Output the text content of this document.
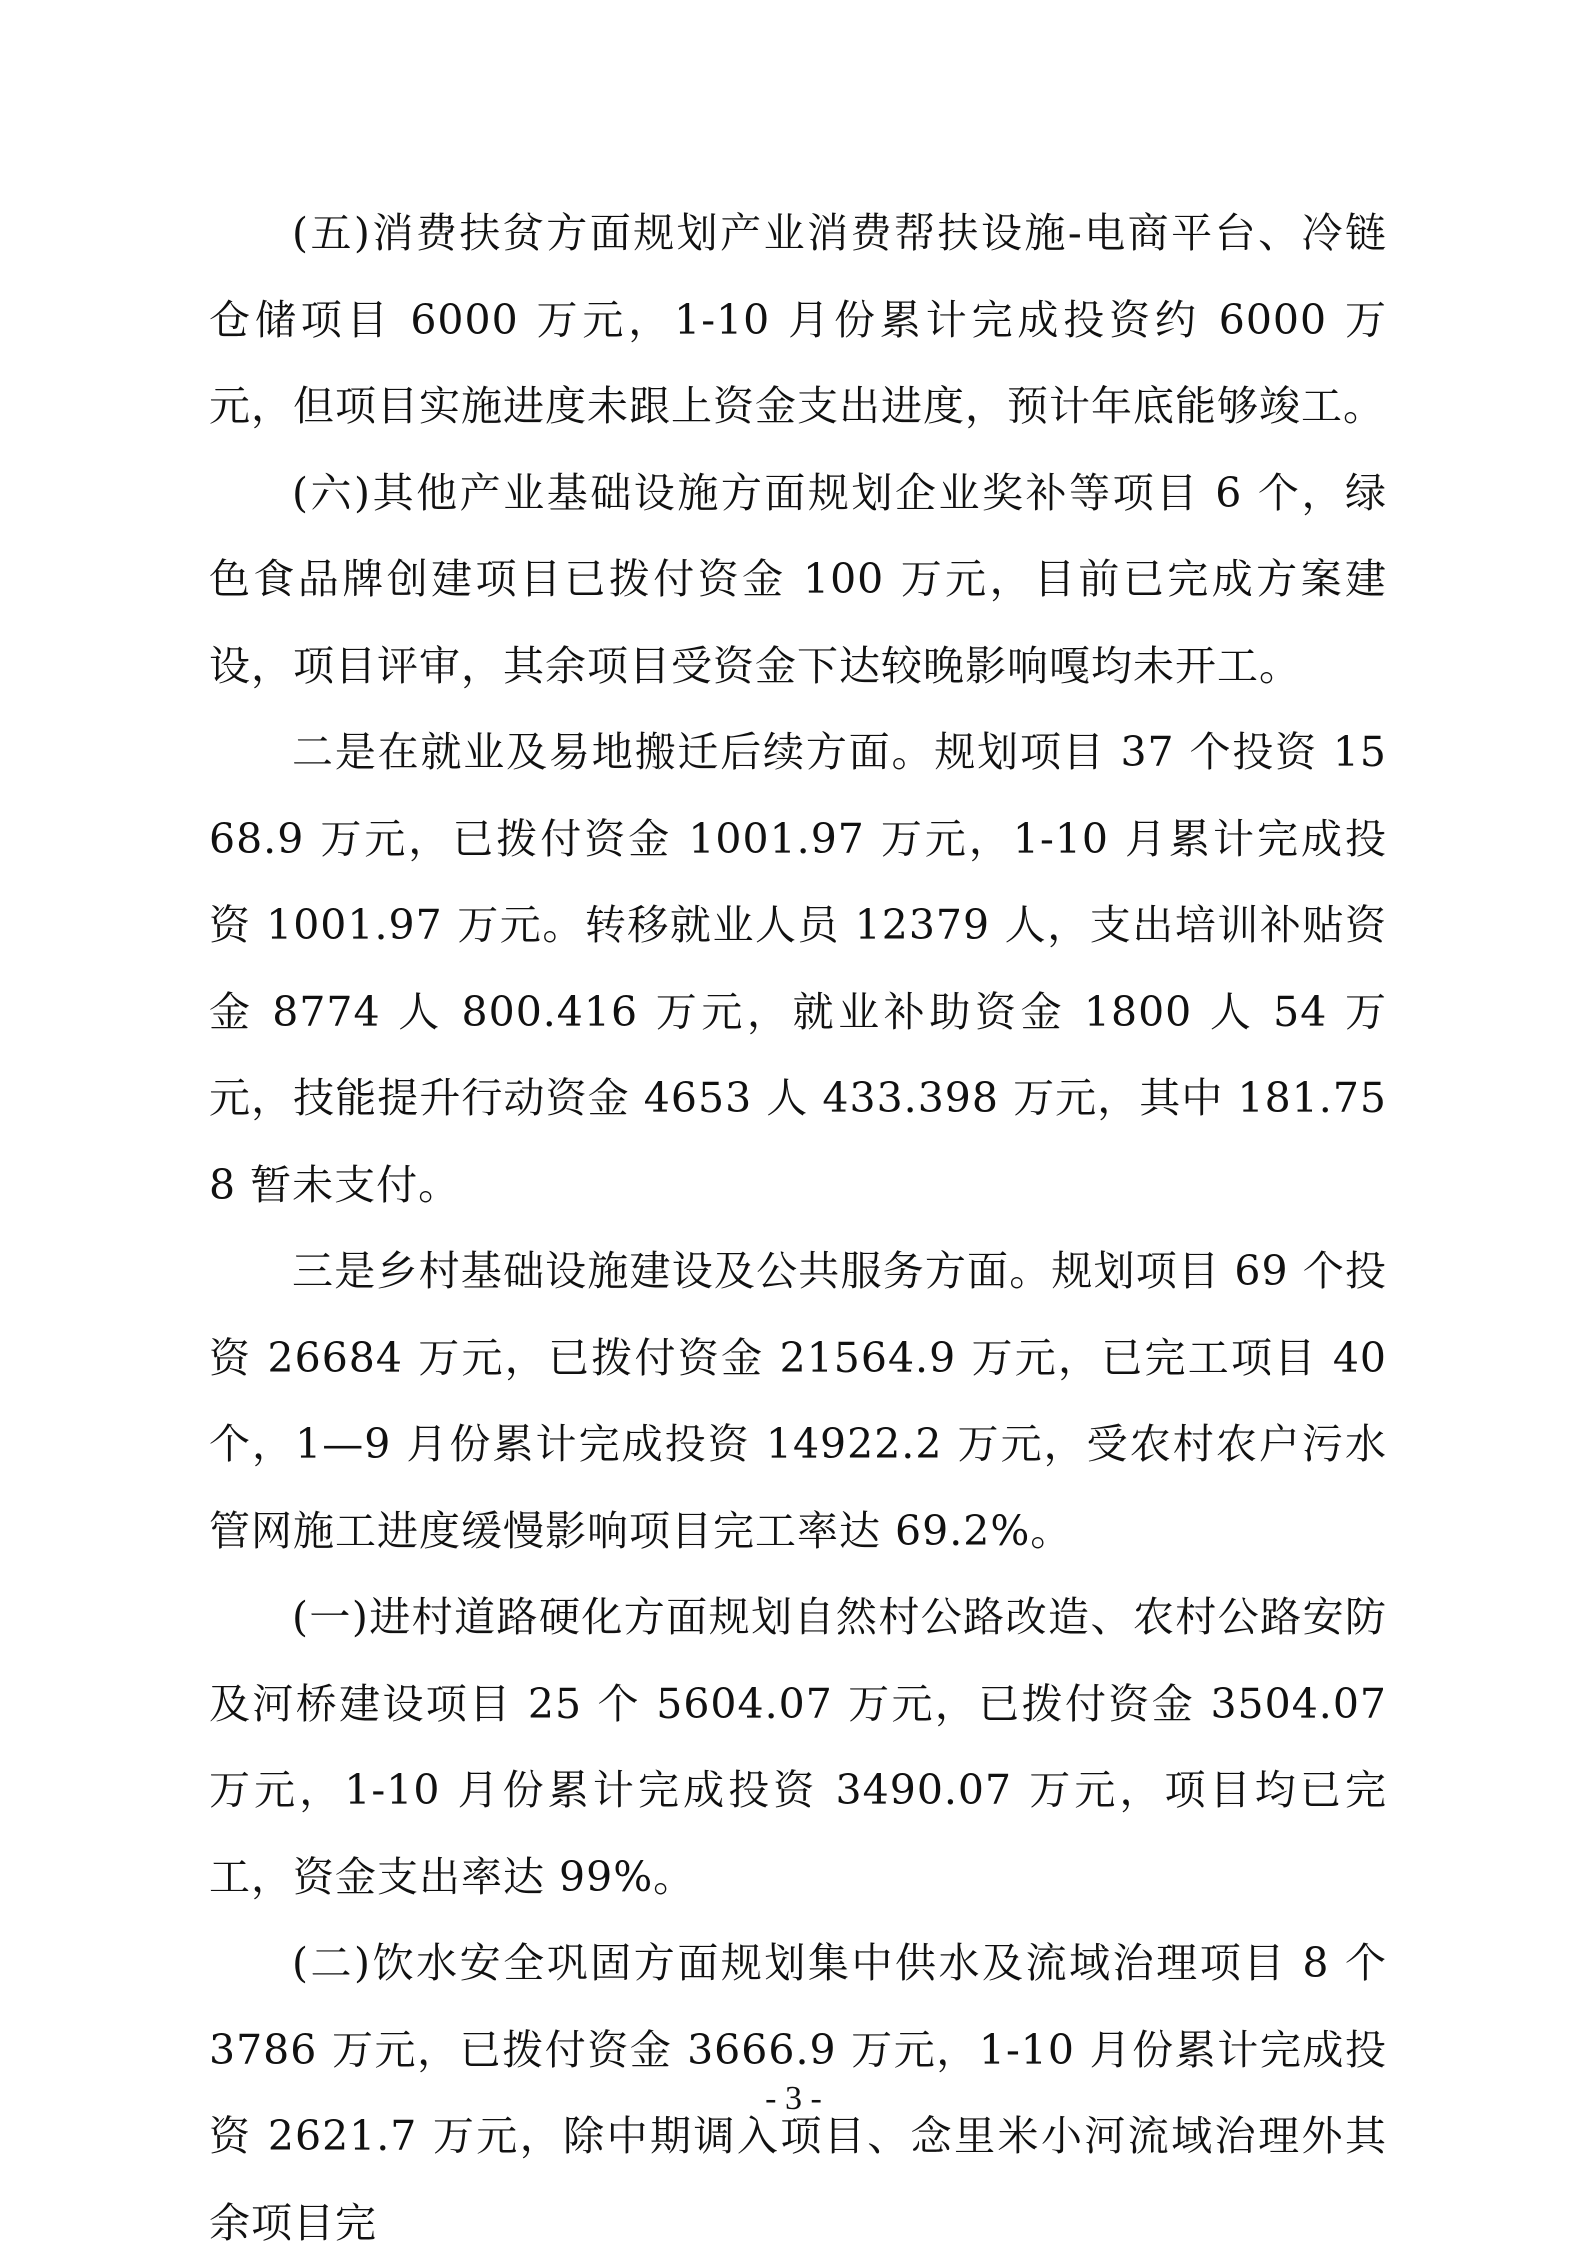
(五)消费扶贫方面规划产业消费帮扶设施-电商平台、冷链仓储项目 6000 万元，1-10 月份累计完成投资约 6000 万元，但项目实施进度未跟上资金支出进度，预计年底能够竣工。

(六)其他产业基础设施方面规划企业奖补等项目 6 个，绿色食品牌创建项目已拨付资金 100 万元，目前已完成方案建设，项目评审，其余项目受资金下达较晚影响嘎均未开工。

二是在就业及易地搬迁后续方面。规划项目 37 个投资 1568.9 万元，已拨付资金 1001.97 万元，1-10 月累计完成投资 1001.97 万元。转移就业人员 12379 人，支出培训补贴资金 8774 人 800.416 万元，就业补助资金 1800 人 54 万元，技能提升行动资金 4653 人 433.398 万元，其中 181.758 暂未支付。

三是乡村基础设施建设及公共服务方面。规划项目 69 个投资 26684 万元，已拨付资金 21564.9 万元，已完工项目 40 个，1—9 月份累计完成投资 14922.2 万元，受农村农户污水管网施工进度缓慢影响项目完工率达 69.2%。

(一)进村道路硬化方面规划自然村公路改造、农村公路安防及河桥建设项目 25 个 5604.07 万元，已拨付资金 3504.07 万元，1-10 月份累计完成投资 3490.07 万元，项目均已完工，资金支出率达 99%。

(二)饮水安全巩固方面规划集中供水及流域治理项目 8 个 3786 万元，已拨付资金 3666.9 万元，1-10 月份累计完成投资 2621.7 万元，除中期调入项目、念里米小河流域治理外其余项目完

- 3 -
